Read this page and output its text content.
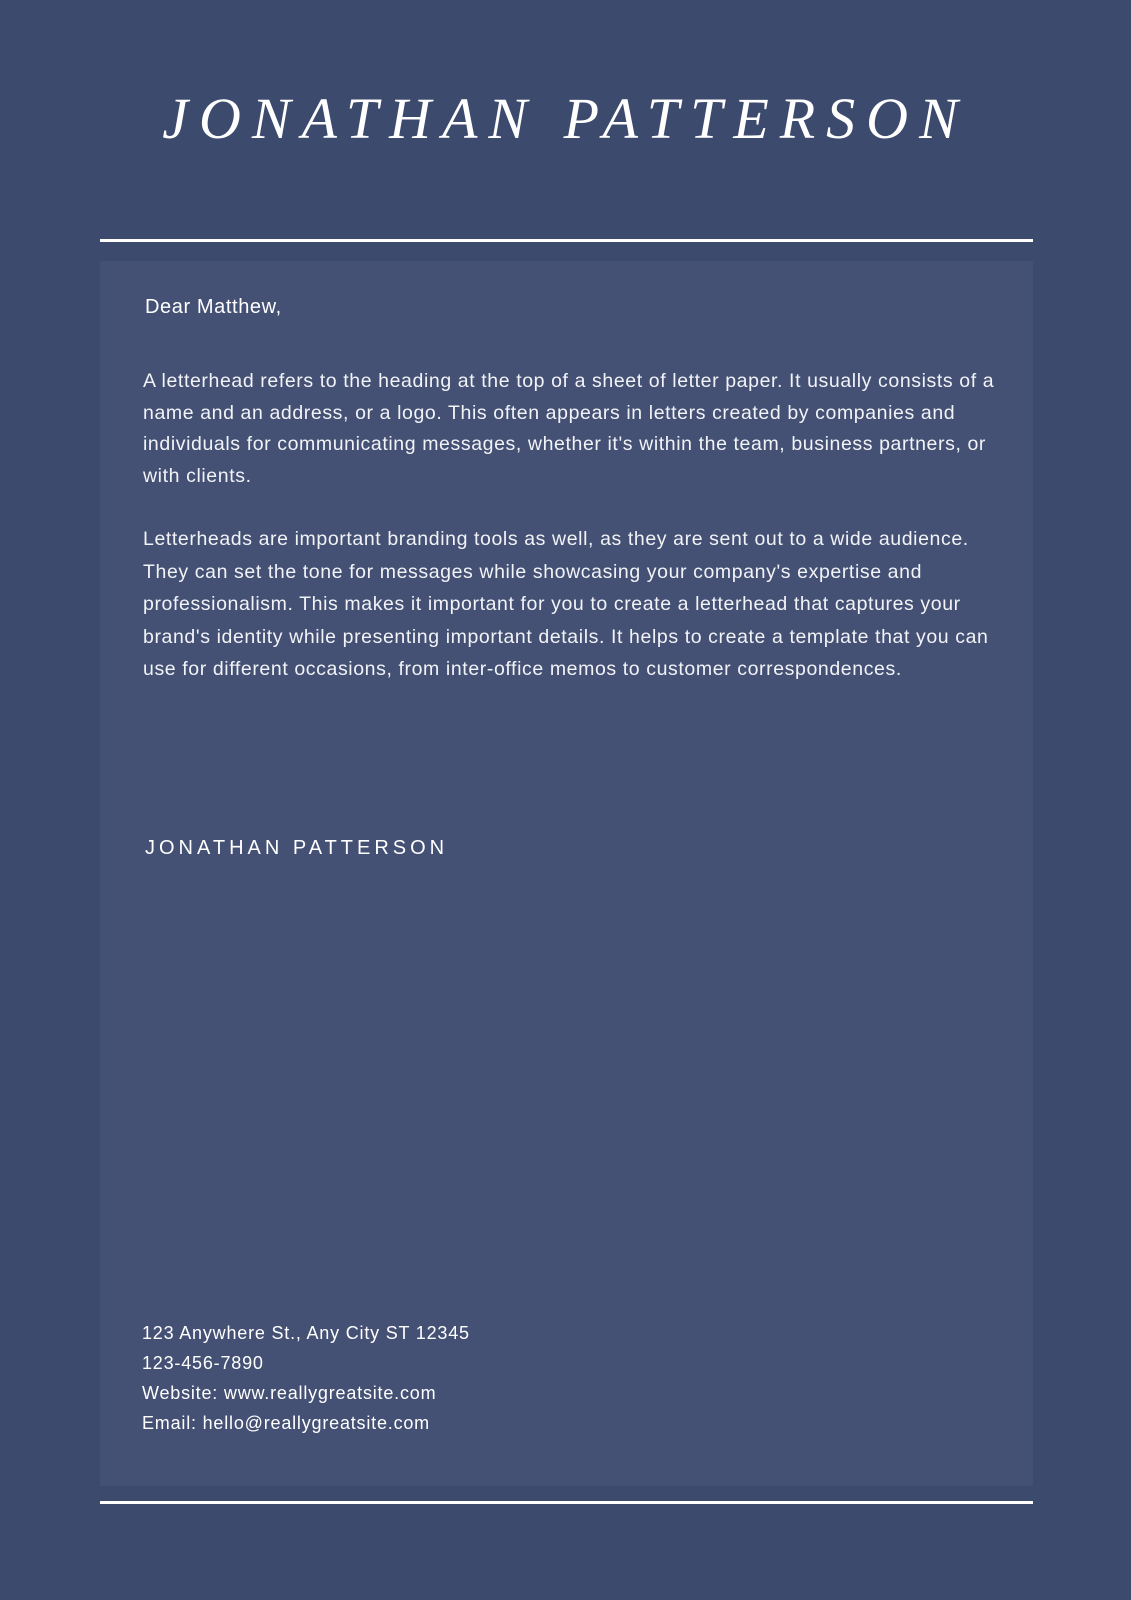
JONATHAN PATTERSON
Dear Matthew,

A letterhead refers to the heading at the top of a sheet of letter paper. It usually consists of a name and an address, or a logo. This often appears in letters created by companies and individuals for communicating messages, whether it's within the team, business partners, or with clients.

Letterheads are important branding tools as well, as they are sent out to a wide audience. They can set the tone for messages while showcasing your company's expertise and professionalism. This makes it important for you to create a letterhead that captures your brand's identity while presenting important details. It helps to create a template that you can use for different occasions, from inter-office memos to customer correspondences.

JONATHAN PATTERSON
123 Anywhere St., Any City ST 12345
123-456-7890
Website: www.reallygreatsite.com
Email: hello@reallygreatsite.com
